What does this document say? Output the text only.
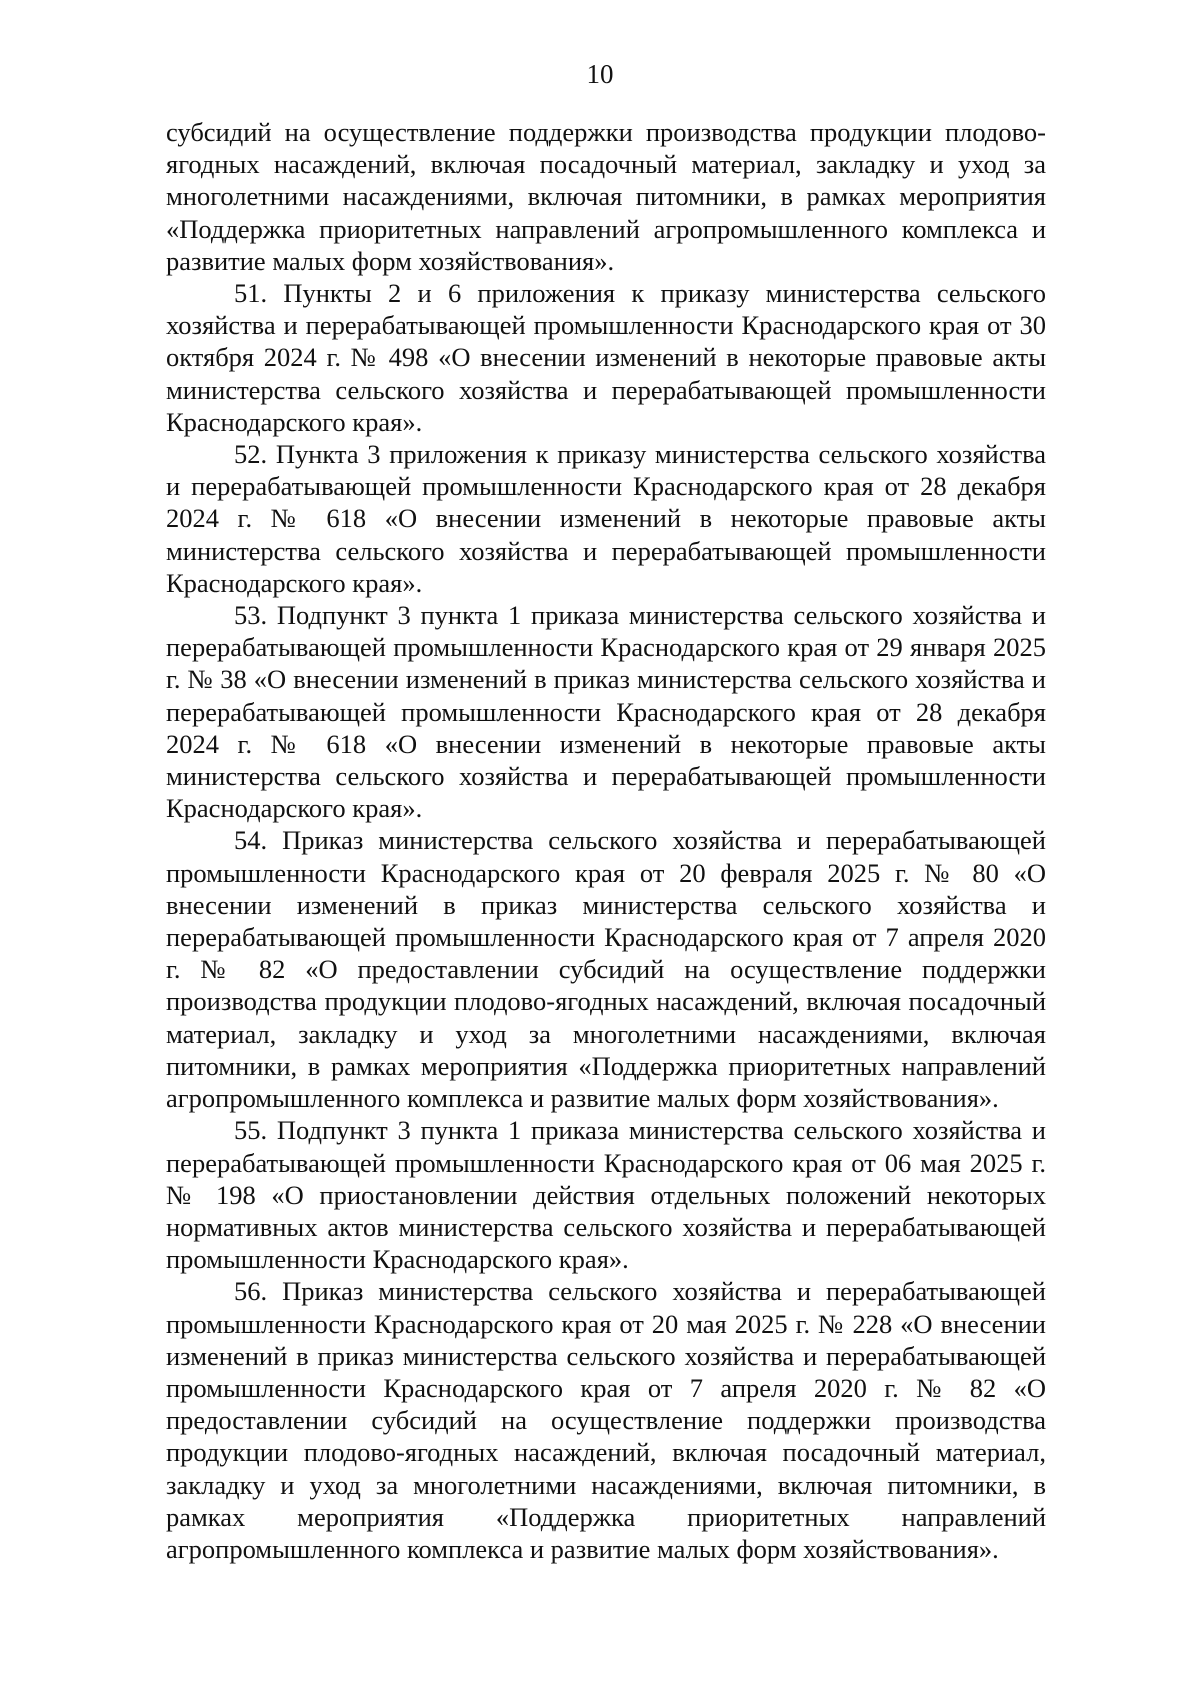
10

субсидий на осуществление поддержки производства продукции плодово-ягодных насаждений, включая посадочный материал, закладку и уход за многолетними насаждениями, включая питомники, в рамках мероприятия «Поддержка приоритетных направлений агропромышленного комплекса и развитие малых форм хозяйствования».

51. Пункты 2 и 6 приложения к приказу министерства сельского хозяйства и перерабатывающей промышленности Краснодарского края от 30 октября 2024 г. № 498 «О внесении изменений в некоторые правовые акты министерства сельского хозяйства и перерабатывающей промышленности Краснодарского края».

52. Пункта 3 приложения к приказу министерства сельского хозяйства и перерабатывающей промышленности Краснодарского края от 28 декабря 2024 г. № 618 «О внесении изменений в некоторые правовые акты министерства сельского хозяйства и перерабатывающей промышленности Краснодарского края».

53. Подпункт 3 пункта 1 приказа министерства сельского хозяйства и перерабатывающей промышленности Краснодарского края от 29 января 2025 г. № 38 «О внесении изменений в приказ министерства сельского хозяйства и перерабатывающей промышленности Краснодарского края от 28 декабря 2024 г. № 618 «О внесении изменений в некоторые правовые акты министерства сельского хозяйства и перерабатывающей промышленности Краснодарского края».

54. Приказ министерства сельского хозяйства и перерабатывающей промышленности Краснодарского края от 20 февраля 2025 г. № 80 «О внесении изменений в приказ министерства сельского хозяйства и перерабатывающей промышленности Краснодарского края от 7 апреля 2020 г. № 82 «О предоставлении субсидий на осуществление поддержки производства продукции плодово-ягодных насаждений, включая посадочный материал, закладку и уход за многолетними насаждениями, включая питомники, в рамках мероприятия «Поддержка приоритетных направлений агропромышленного комплекса и развитие малых форм хозяйствования».

55. Подпункт 3 пункта 1 приказа министерства сельского хозяйства и перерабатывающей промышленности Краснодарского края от 06 мая 2025 г. № 198 «О приостановлении действия отдельных положений некоторых нормативных актов министерства сельского хозяйства и перерабатывающей промышленности Краснодарского края».

56. Приказ министерства сельского хозяйства и перерабатывающей промышленности Краснодарского края от 20 мая 2025 г. № 228 «О внесении изменений в приказ министерства сельского хозяйства и перерабатывающей промышленности Краснодарского края от 7 апреля 2020 г. № 82 «О предоставлении субсидий на осуществление поддержки производства продукции плодово-ягодных насаждений, включая посадочный материал, закладку и уход за многолетними насаждениями, включая питомники, в рамках мероприятия «Поддержка приоритетных направлений агропромышленного комплекса и развитие малых форм хозяйствования».
